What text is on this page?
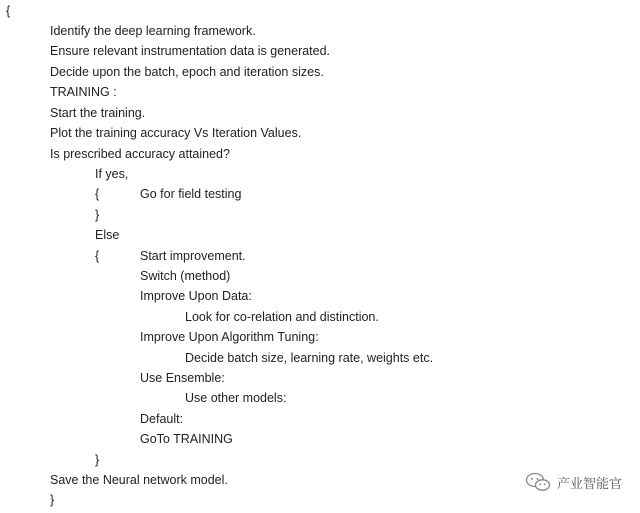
{
Identify the deep learning framework.
Ensure relevant instrumentation data is generated.
Decide upon the batch, epoch and iteration sizes.
TRAINING :
Start the training.
Plot the training accuracy Vs Iteration Values.
Is prescribed accuracy attained?
If yes,
{	Go for field testing
}
Else
{	Start improvement.
Switch (method)
Improve Upon Data:
Look for co-relation and distinction.
Improve Upon Algorithm Tuning:
Decide batch size, learning rate, weights etc.
Use Ensemble:
Use other models:
Default:
GoTo TRAINING
}
Save the Neural network model.
}
产业智能官
